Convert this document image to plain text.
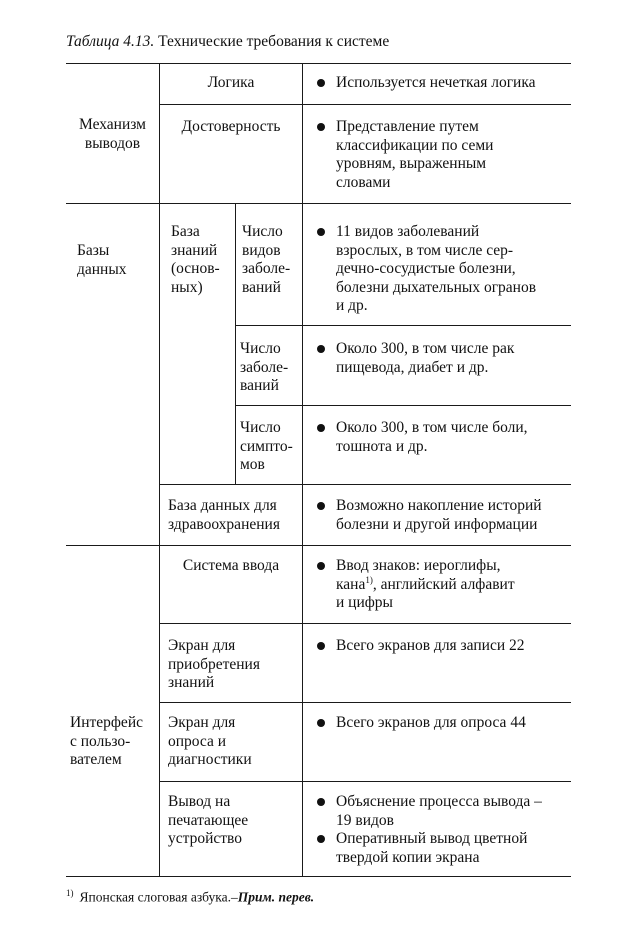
Таблица 4.13. Технические требования к системе
Механизм
выводов
Базы
данных
Интерфейс
с пользо-
вателем
Логика
Достоверность
База
знаний
(основ-
ных)
Число
видов
заболе-
ваний
Число
заболе-
ваний
Число
симпто-
мов
База данных для
здравоохранения
Система ввода
Экран для
приобретения
знаний
Экран для
опроса и
диагностики
Вывод на
печатающее
устройство
Используется нечеткая логика
Представление путем
классификации по семи
уровням, выраженным
словами
11 видов заболеваний
взрослых, в том числе сер-
дечно-сосудистые болезни,
болезни дыхательных огранов
и др.
Около 300, в том числе рак
пищевода, диабет и др.
Около 300, в том числе боли,
тошнота и др.
Возможно накопление историй
болезни и другой информации
Ввод знаков: иероглифы,
кана$^{1)}$, английский алфавит
и цифры
Всего экранов для записи 22
Всего экранов для опроса 44
Объяснение процесса вывода –
19 видов
Оперативный вывод цветной
твердой копии экрана
$^{1)}$ Японская слоговая азбука.–Прим. перев.
